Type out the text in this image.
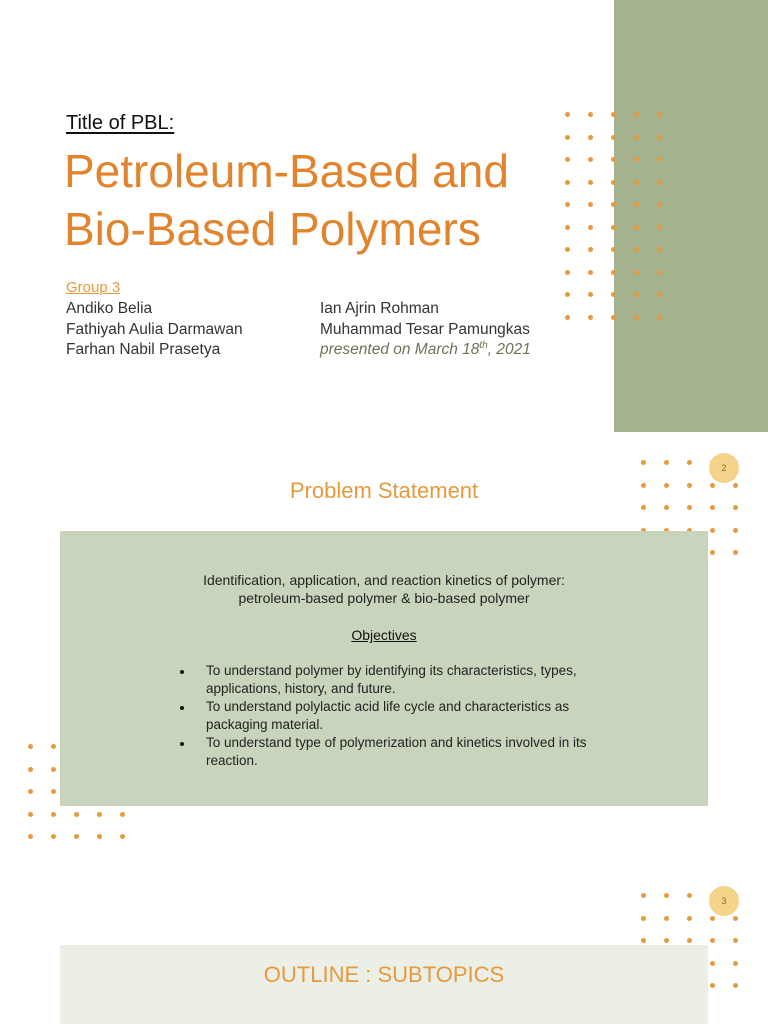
Title of PBL:
Petroleum-Based and
Bio-Based Polymers
Group 3
Andiko Belia
Fathiyah Aulia Darmawan
Farhan Nabil Prasetya
Ian Ajrin Rohman
Muhammad Tesar Pamungkas
presented on March 18th, 2021
2
Problem Statement
Identification, application, and reaction kinetics of polymer:
petroleum-based polymer & bio-based polymer
Objectives
To understand polymer by identifying its characteristics, types, applications, history, and future.
To understand polylactic acid life cycle and characteristics as packaging material.
To understand type of polymerization and kinetics involved in its reaction.
3
OUTLINE : SUBTOPICS
